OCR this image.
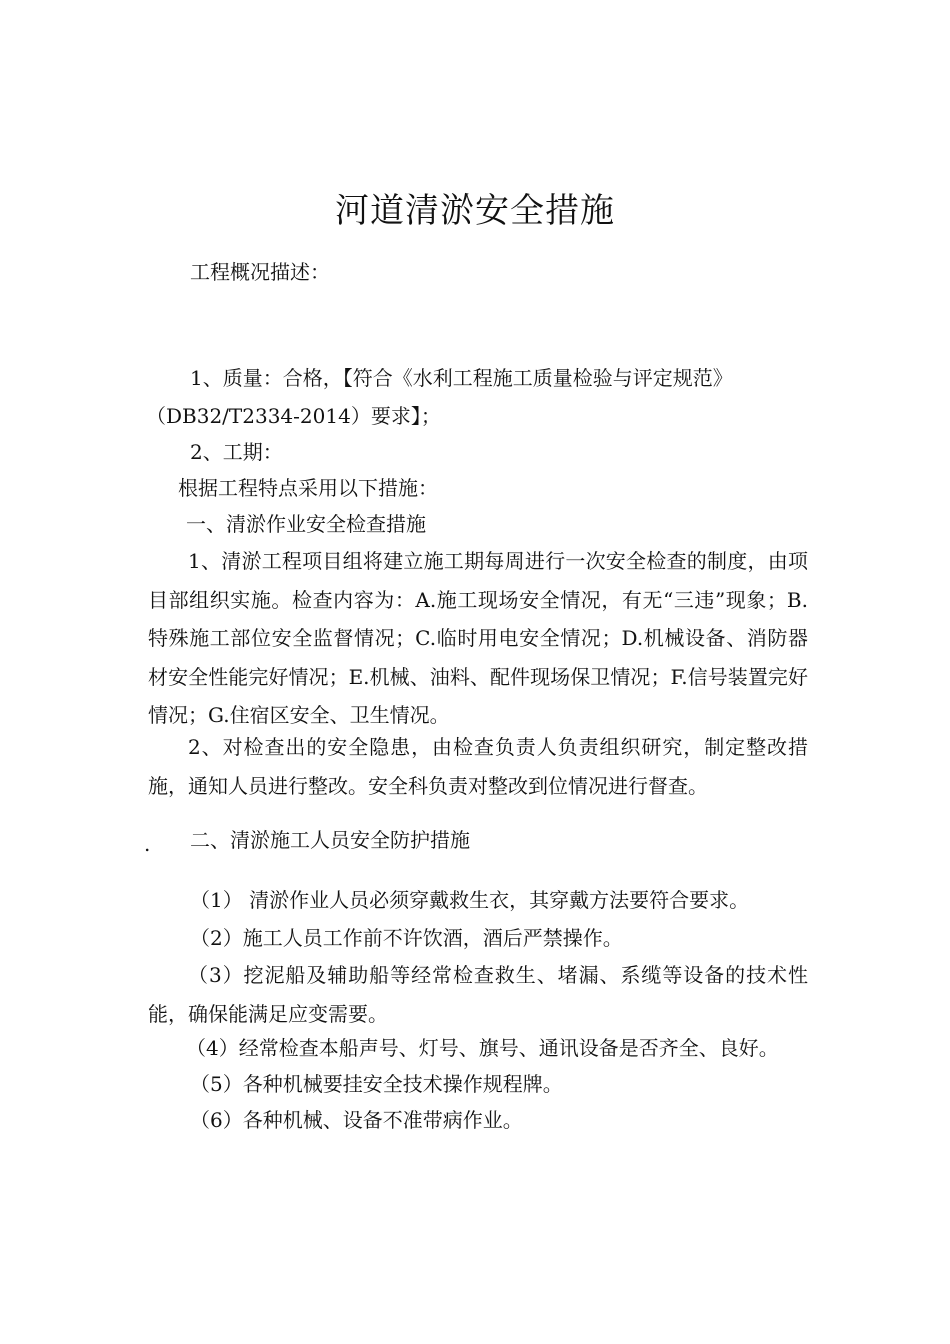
河道清淤安全措施
工程概况描述：
1、质量：合格，【符合《水利工程施工质量检验与评定规范》
（DB32/T2334-2014）要求】；
2、工期：
根据工程特点采用以下措施：
一、清淤作业安全检查措施
1、清淤工程项目组将建立施工期每周进行一次安全检查的制度，由项目部组织实施。检查内容为：A.施工现场安全情况，有无“三违”现象；B.特殊施工部位安全监督情况；C.临时用电安全情况；D.机械设备、消防器材安全性能完好情况；E.机械、油料、配件现场保卫情况；F.信号装置完好情况；G.住宿区安全、卫生情况。
2、对检查出的安全隐患，由检查负责人负责组织研究，制定整改措施，通知人员进行整改。安全科负责对整改到位情况进行督查。
. 二、清淤施工人员安全防护措施
（1） 清淤作业人员必须穿戴救生衣，其穿戴方法要符合要求。
（2）施工人员工作前不许饮酒，酒后严禁操作。
（3）挖泥船及辅助船等经常检查救生、堵漏、系缆等设备的技术性能，确保能满足应变需要。
（4）经常检查本船声号、灯号、旗号、通讯设备是否齐全、良好。
（5）各种机械要挂安全技术操作规程牌。
（6）各种机械、设备不准带病作业。
